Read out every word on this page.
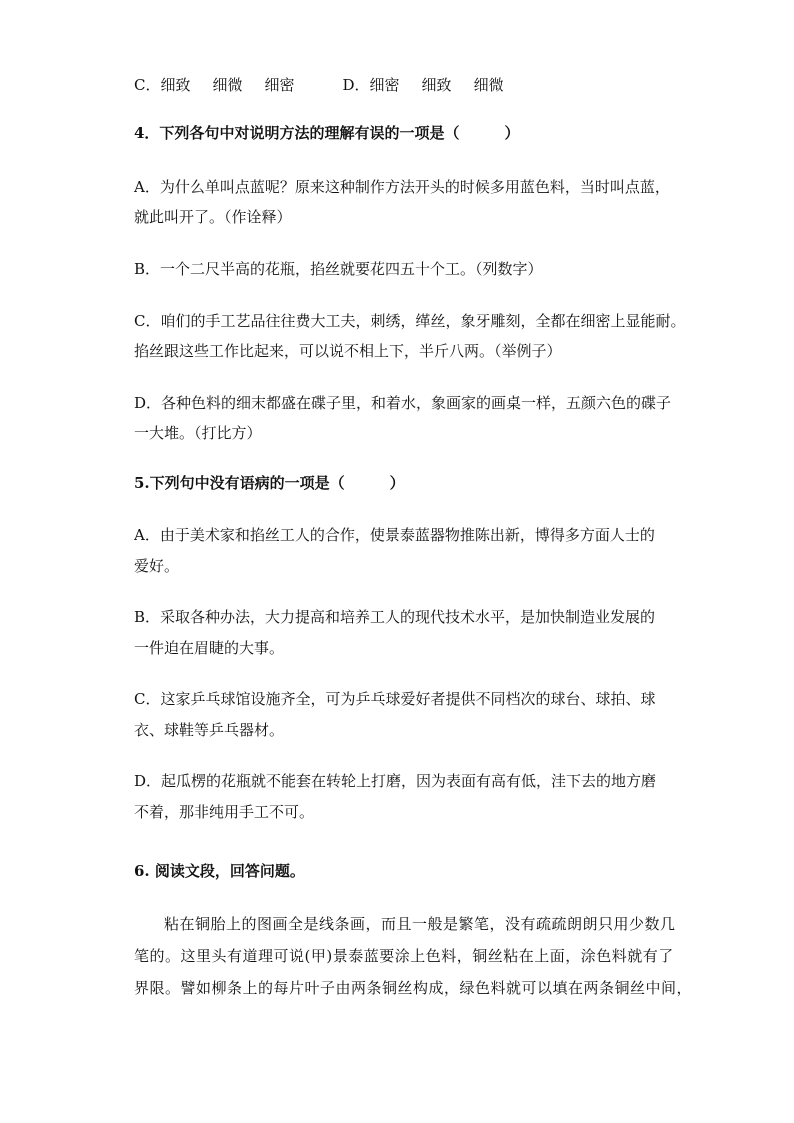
C．细致 细微 细密	D．细密 细致 细微
4．下列各句中对说明方法的理解有误的一项是（　　　）
A．为什么单叫点蓝呢？原来这种制作方法开头的时候多用蓝色料，当时叫点蓝，
就此叫开了。（作诠释）
B．一个二尺半高的花瓶，掐丝就要花四五十个工。（列数字）
C．咱们的手工艺品往往费大工夫，刺绣，缂丝，象牙雕刻，全都在细密上显能耐。
掐丝跟这些工作比起来，可以说不相上下，半斤八两。（举例子）
D．各种色料的细末都盛在碟子里，和着水，象画家的画桌一样，五颜六色的碟子
一大堆。（打比方）
5.下列句中没有语病的一项是（　　　）
A．由于美术家和掐丝工人的合作，使景泰蓝器物推陈出新，博得多方面人士的
爱好。
B．采取各种办法，大力提高和培养工人的现代技术水平，是加快制造业发展的
一件迫在眉睫的大事。
C．这家乒乓球馆设施齐全，可为乒乓球爱好者提供不同档次的球台、球拍、球
衣、球鞋等乒乓器材。
D．起瓜楞的花瓶就不能套在转轮上打磨，因为表面有高有低，洼下去的地方磨
不着，那非纯用手工不可。
6. 阅读文段，回答问题。
粘在铜胎上的图画全是线条画，而且一般是繁笔，没有疏疏朗朗只用少数几
笔的。这里头有道理可说(甲)景泰蓝要涂上色料，铜丝粘在上面，涂色料就有了
界限。譬如柳条上的每片叶子由两条铜丝构成，绿色料就可以填在两条铜丝中间，
